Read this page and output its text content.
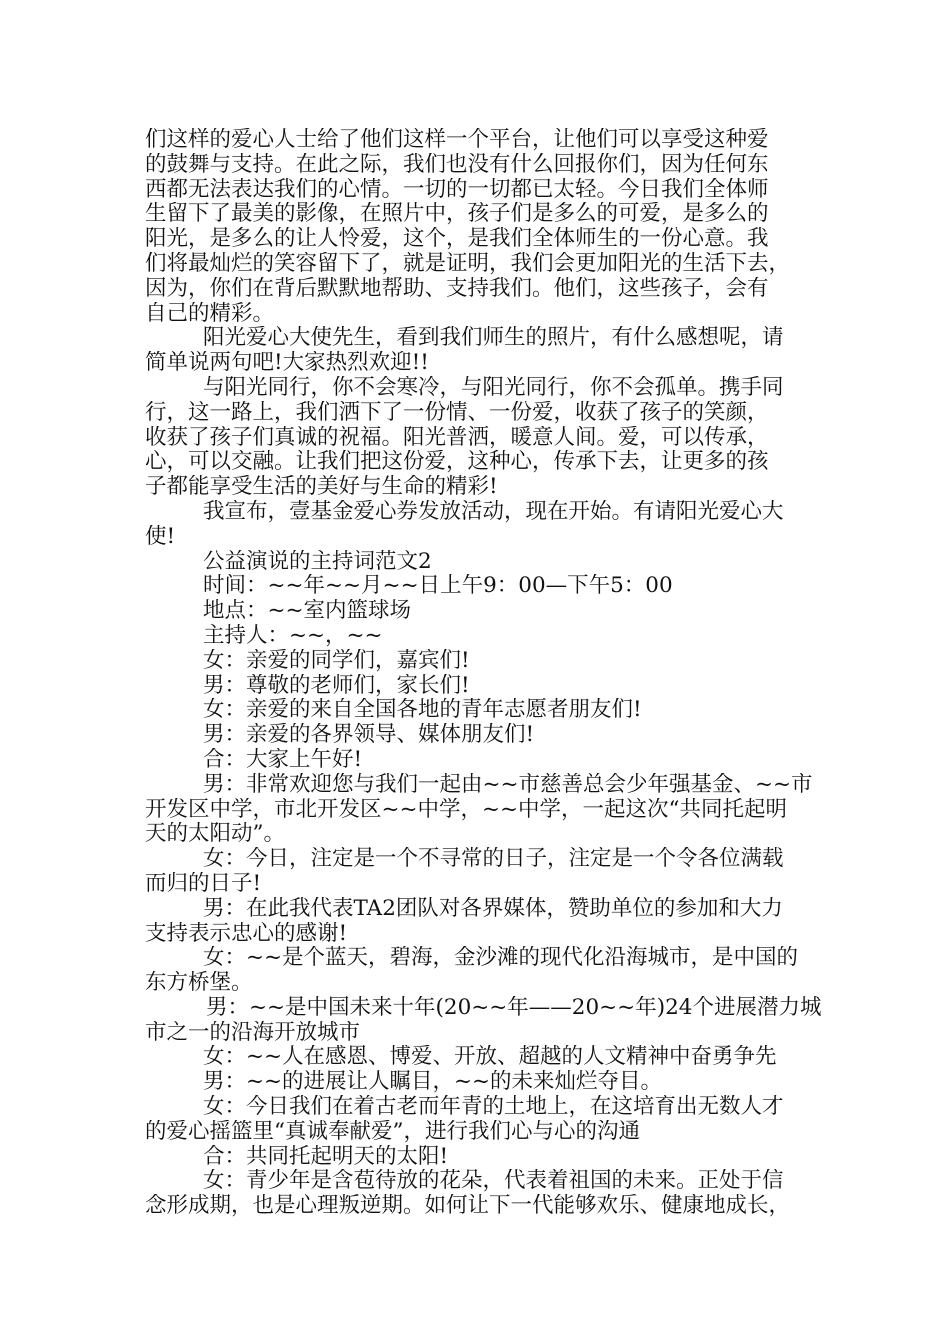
们这样的爱心人士给了他们这样一个平台，让他们可以享受这种爱
的鼓舞与支持。在此之际，我们也没有什么回报你们，因为任何东
西都无法表达我们的心情。一切的一切都已太轻。今日我们全体师
生留下了最美的影像，在照片中，孩子们是多么的可爱，是多么的
阳光，是多么的让人怜爱，这个，是我们全体师生的一份心意。我
们将最灿烂的笑容留下了，就是证明，我们会更加阳光的生活下去，
因为，你们在背后默默地帮助、支持我们。他们，这些孩子，会有
自己的精彩。
阳光爱心大使先生，看到我们师生的照片，有什么感想呢，请
简单说两句吧!大家热烈欢迎!!
与阳光同行，你不会寒冷，与阳光同行，你不会孤单。携手同
行，这一路上，我们洒下了一份情、一份爱，收获了孩子的笑颜，
收获了孩子们真诚的祝福。阳光普洒，暖意人间。爱，可以传承，
心，可以交融。让我们把这份爱，这种心，传承下去，让更多的孩
子都能享受生活的美好与生命的精彩!
我宣布，壹基金爱心券发放活动，现在开始。有请阳光爱心大
使!
公益演说的主持词范文2
时间：~~年~~月~~日上午9：00—下午5：00
地点：~~室内篮球场
主持人：~~，~~
女：亲爱的同学们，嘉宾们!
男：尊敬的老师们，家长们!
女：亲爱的来自全国各地的青年志愿者朋友们!
男：亲爱的各界领导、媒体朋友们!
合：大家上午好!
男：非常欢迎您与我们一起由~~市慈善总会少年强基金、~~市
开发区中学，市北开发区~~中学，~~中学，一起这次“共同托起明
天的太阳动”。
女：今日，注定是一个不寻常的日子，注定是一个令各位满载
而归的日子!
男：在此我代表TA2团队对各界媒体，赞助单位的参加和大力
支持表示忠心的感谢!
女：~~是个蓝天，碧海，金沙滩的现代化沿海城市，是中国的
东方桥堡。
男：~~是中国未来十年(20~~年——20~~年)24个进展潜力城
市之一的沿海开放城市
女：~~人在感恩、博爱、开放、超越的人文精神中奋勇争先
男：~~的进展让人瞩目，~~的未来灿烂夺目。
女：今日我们在着古老而年青的土地上，在这培育出无数人才
的爱心摇篮里“真诚奉献爱”，进行我们心与心的沟通
合：共同托起明天的太阳!
女：青少年是含苞待放的花朵，代表着祖国的未来。正处于信
念形成期，也是心理叛逆期。如何让下一代能够欢乐、健康地成长，
